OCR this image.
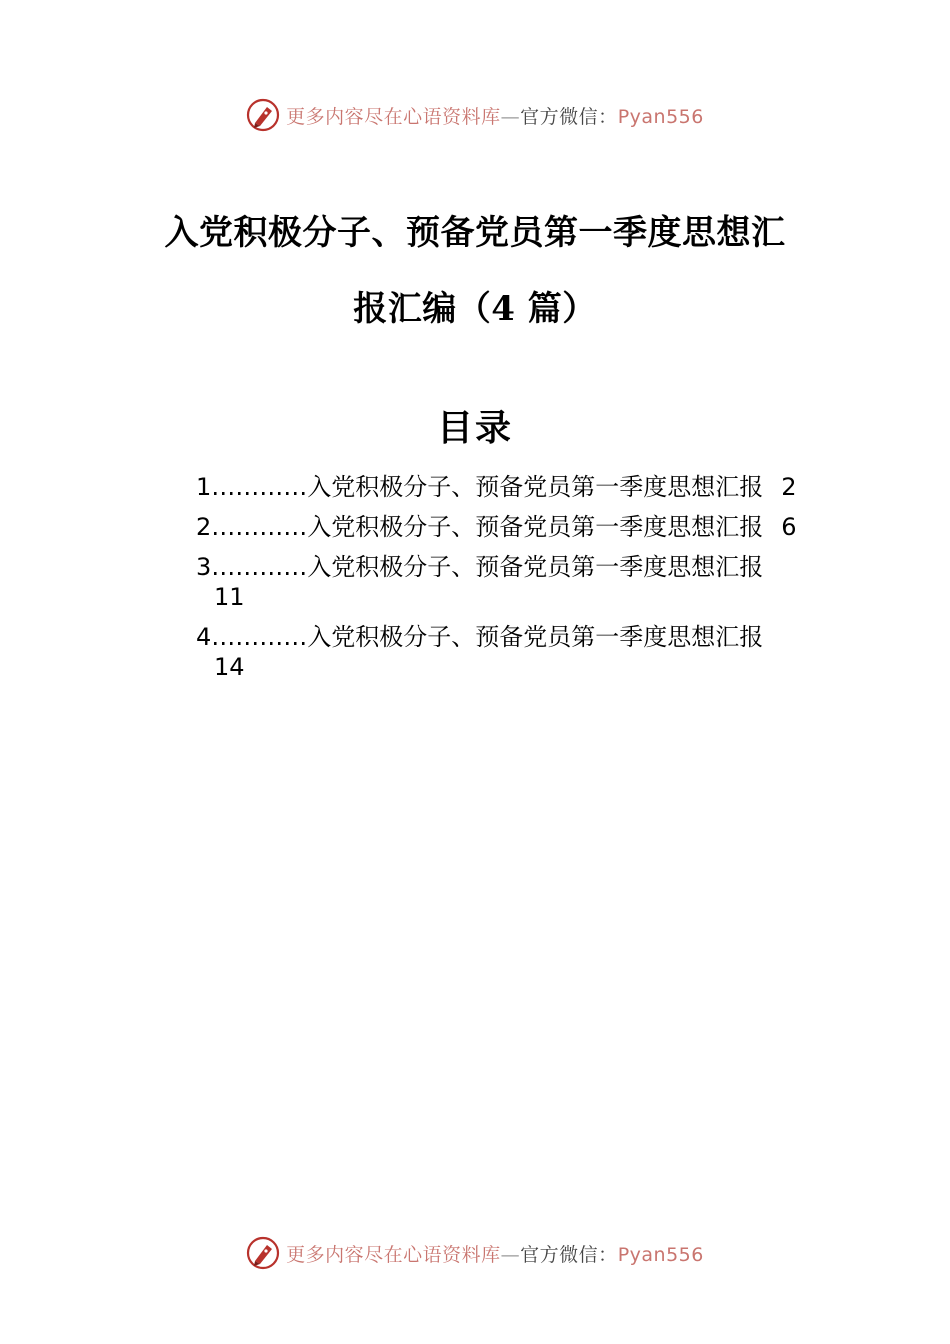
更多内容尽在心语资料库—官方微信：Pyan556
入党积极分子、预备党员第一季度思想汇
报汇编（4 篇）
目录
1…………入党积极分子、预备党员第一季度思想汇报 2
2…………入党积极分子、预备党员第一季度思想汇报 6
3…………入党积极分子、预备党员第一季度思想汇报
11
4…………入党积极分子、预备党员第一季度思想汇报
14
更多内容尽在心语资料库—官方微信：Pyan556
